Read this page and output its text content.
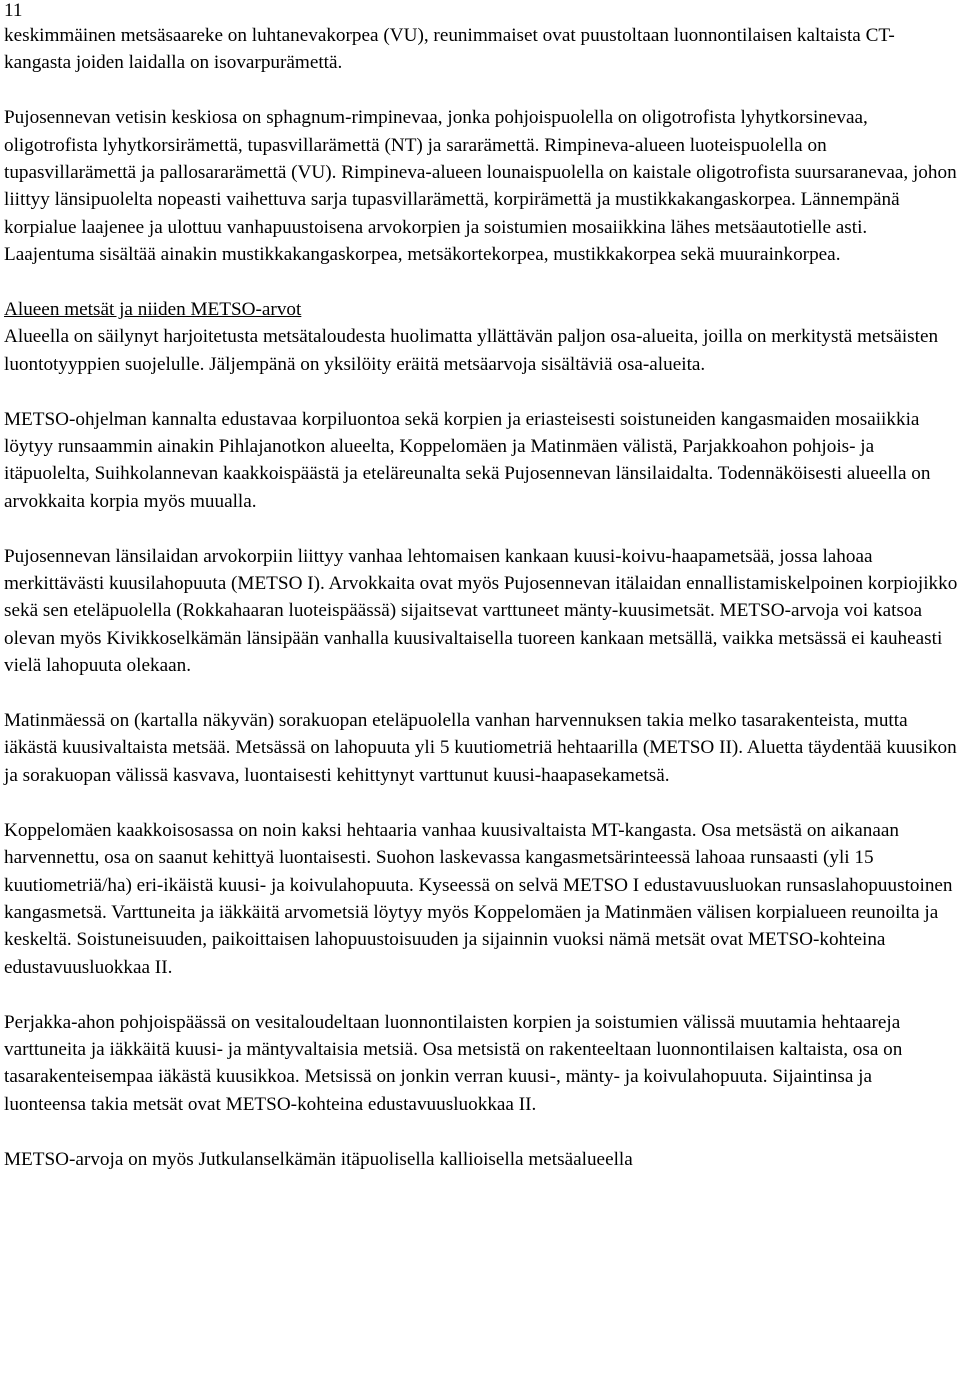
11

keskimmäinen metsäsaareke on luhtanevakorpea (VU), reunimmaiset ovat puustoltaan luonnontilaisen kaltaista CT-kangasta joiden laidalla on isovarpurämettä.

Pujosennevan vetisin keskiosa on sphagnum-rimpinevaa, jonka pohjoispuolella on oligotrofista lyhytkorsinevaa, oligotrofista lyhytkorsirämettä, tupasvillarämettä (NT) ja sararämettä. Rimpineva-alueen luoteispuolella on tupasvillarämettä ja pallosararämettä (VU). Rimpineva-alueen lounaispuolella on kaistale oligotrofista suursaranevaa, johon liittyy länsipuolelta nopeasti vaihettuva sarja tupasvillarämettä, korpirämettä ja mustikkakangaskorpea. Lännempänä korpialue laajenee ja ulottuu vanhapuustoisena arvokorpien ja soistumien mosaiikkina lähes metsäautotielle asti. Laajentuma sisältää ainakin mustikkakangaskorpea, metsäkortekorpea, mustikkakorpea sekä muurainkorpea.

Alueen metsät ja niiden METSO-arvot

Alueella on säilynyt harjoitetusta metsätaloudesta huolimatta yllättävän paljon osa-alueita, joilla on merkitystä metsäisten luontotyyppien suojelulle. Jäljempänä on yksilöity eräitä metsäarvoja sisältäviä osa-alueita.

METSO-ohjelman kannalta edustavaa korpiluontoa sekä korpien ja eriasteisesti soistuneiden kangasmaiden mosaiikkia löytyy runsaammin ainakin Pihlajanotkon alueelta, Koppelomäen ja Matinmäen välistä, Parjakkoahon pohjois- ja itäpuolelta, Suihkolannevan kaakkoispäästä ja eteläreunalta sekä Pujosennevan länsilaidalta. Todennäköisesti alueella on arvokkaita korpia myös muualla.

Pujosennevan länsilaidan arvokorpiin liittyy vanhaa lehtomaisen kankaan kuusi-koivu-haapametsää, jossa lahoaa merkittävästi kuusilahopuuta (METSO I). Arvokkaita ovat myös Pujosennevan itälaidan ennallistamiskelpoinen korpiojikko sekä sen eteläpuolella (Rokkahaaran luoteispäässä) sijaitsevat varttuneet mänty-kuusimetsät. METSO-arvoja voi katsoa olevan myös Kivikkoselkämän länsipään vanhalla kuusivaltaisella tuoreen kankaan metsällä, vaikka metsässä ei kauheasti vielä lahopuuta olekaan.

Matinmäessä on (kartalla näkyvän) sorakuopan eteläpuolella vanhan harvennuksen takia melko tasarakenteista, mutta iäkästä kuusivaltaista metsää. Metsässä on lahopuuta yli 5 kuutiometriä hehtaarilla (METSO II). Aluetta täydentää kuusikon ja sorakuopan välissä kasvava, luontaisesti kehittynyt varttunut kuusi-haapasekametsä.

Koppelomäen kaakkoisosassa on noin kaksi hehtaaria vanhaa kuusivaltaista MT-kangasta. Osa metsästä on aikanaan harvennettu, osa on saanut kehittyä luontaisesti. Suohon laskevassa kangasmetsärinteessä lahoaa runsaasti (yli 15 kuutiometriä/ha) eri-ikäistä kuusi- ja koivulahopuuta. Kyseessä on selvä METSO I edustavuusluokan runsaslahopuustoinen kangasmetsä. Varttuneita ja iäkkäitä arvometsiä löytyy myös Koppelomäen ja Matinmäen välisen korpialueen reunoilta ja keskeltä. Soistuneisuuden, paikoittaisen lahopuustoisuuden ja sijainnin vuoksi nämä metsät ovat METSO-kohteina edustavuusluokkaa II.

Perjakka-ahon pohjoispäässä on vesitaloudeltaan luonnontilaisten korpien ja soistumien välissä muutamia hehtaareja varttuneita ja iäkkäitä kuusi- ja mäntyvaltaisia metsiä. Osa metsistä on rakenteeltaan luonnontilaisen kaltaista, osa on tasarakenteisempaa iäkästä kuusikkoa. Metsissä on jonkin verran kuusi-, mänty- ja koivulahopuuta. Sijaintinsa ja luonteensa takia metsät ovat METSO-kohteina edustavuusluokkaa II.

METSO-arvoja on myös Jutkulanselkämän itäpuolisella kallioisella metsäalueella
